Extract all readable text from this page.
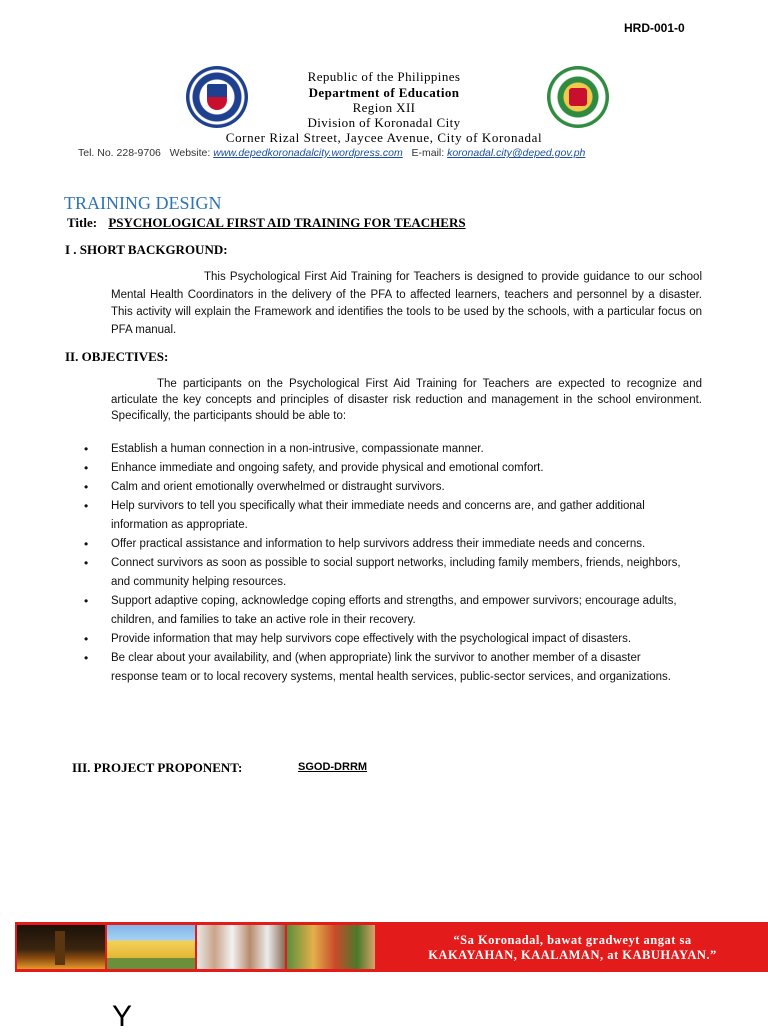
HRD-001-0
Republic of the Philippines
Department of Education
Region XII
Division of Koronadal City
Corner Rizal Street, Jaycee Avenue, City of Koronadal
Tel. No. 228-9706 Website: www.depedkoronadalcity.wordpress.com E-mail: koronadal.city@deped.gov.ph
TRAINING DESIGN
Title: PSYCHOLOGICAL FIRST AID TRAINING FOR TEACHERS
I . SHORT BACKGROUND:
This Psychological First Aid Training for Teachers is designed to provide guidance to our school Mental Health Coordinators in the delivery of the PFA to affected learners, teachers and personnel by a disaster. This activity will explain the Framework and identifies the tools to be used by the schools, with a particular focus on PFA manual.
II. OBJECTIVES:
The participants on the Psychological First Aid Training for Teachers are expected to recognize and articulate the key concepts and principles of disaster risk reduction and management in the school environment. Specifically, the participants should be able to:
• Establish a human connection in a non-intrusive, compassionate manner.
• Enhance immediate and ongoing safety, and provide physical and emotional comfort.
• Calm and orient emotionally overwhelmed or distraught survivors.
• Help survivors to tell you specifically what their immediate needs and concerns are, and gather additional information as appropriate.
• Offer practical assistance and information to help survivors address their immediate needs and concerns.
• Connect survivors as soon as possible to social support networks, including family members, friends, neighbors, and community helping resources.
• Support adaptive coping, acknowledge coping efforts and strengths, and empower survivors; encourage adults, children, and families to take an active role in their recovery.
• Provide information that may help survivors cope effectively with the psychological impact of disasters.
• Be clear about your availability, and (when appropriate) link the survivor to another member of a disaster response team or to local recovery systems, mental health services, public-sector services, and organizations.
III. PROJECT PROPONENT:	SGOD-DRRM
“Sa Koronadal, bawat gradweyt angat sa
KAKAYAHAN, KAALAMAN, at KABUHAYAN.”
Y
